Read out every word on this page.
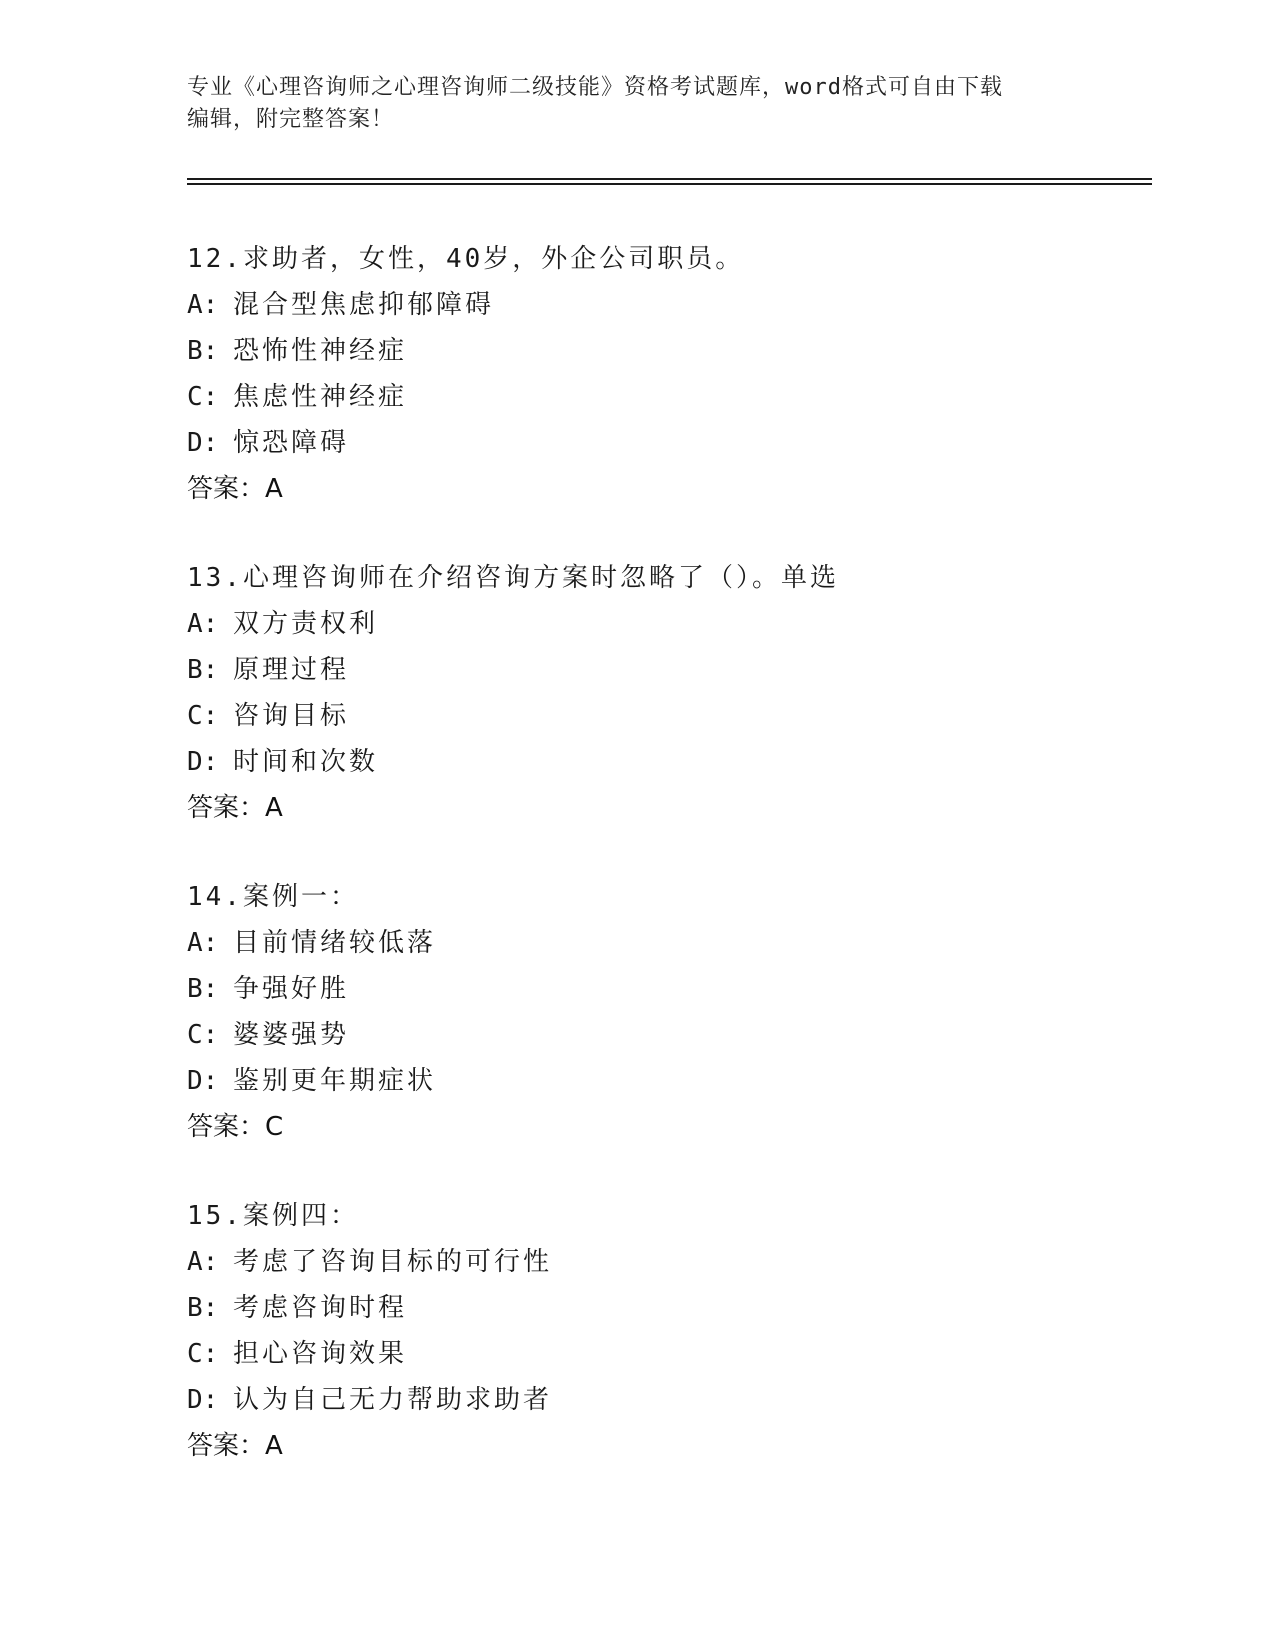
专业《心理咨询师之心理咨询师二级技能》资格考试题库，word格式可自由下载
编辑，附完整答案！
12.求助者，女性，40岁，外企公司职员。
A: 混合型焦虑抑郁障碍
B: 恐怖性神经症
C: 焦虑性神经症
D: 惊恐障碍
答案：A
13.心理咨询师在介绍咨询方案时忽略了（）。单选
A: 双方责权利
B: 原理过程
C: 咨询目标
D: 时间和次数
答案：A
14.案例一：
A: 目前情绪较低落
B: 争强好胜
C: 婆婆强势
D: 鉴别更年期症状
答案：C
15.案例四：
A: 考虑了咨询目标的可行性
B: 考虑咨询时程
C: 担心咨询效果
D: 认为自己无力帮助求助者
答案：A
